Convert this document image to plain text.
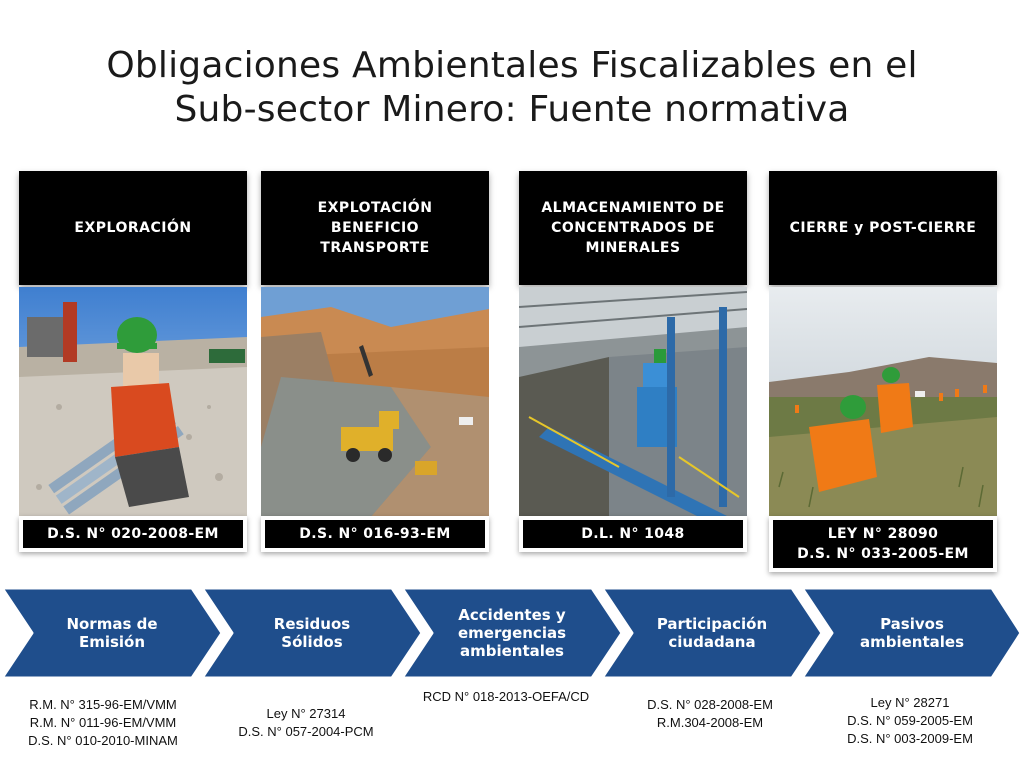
Obligaciones Ambientales Fiscalizables en el
Sub-sector Minero: Fuente normativa
EXPLORACIÓN
EXPLOTACIÓN
BENEFICIO
TRANSPORTE
ALMACENAMIENTO DE
CONCENTRADOS DE
MINERALES
CIERRE y POST-CIERRE
D.S. N° 020-2008-EM	D.S. N° 016-93-EM	D.L. N° 1048	LEY N° 28090
D.S. N° 033-2005-EM
Normas de
Emisión
Residuos
Sólidos
Accidentes y
emergencias
ambientales
Participación
ciudadana
Pasivos
ambientales
R.M. N° 315-96-EM/VMM
R.M. N° 011-96-EM/VMM
D.S. N° 010-2010-MINAM
Ley N° 27314
D.S. N° 057-2004-PCM
RCD N° 018-2013-OEFA/CD
D.S. N° 028-2008-EM
R.M.304-2008-EM
Ley N° 28271
D.S. N° 059-2005-EM
D.S. N° 003-2009-EM
